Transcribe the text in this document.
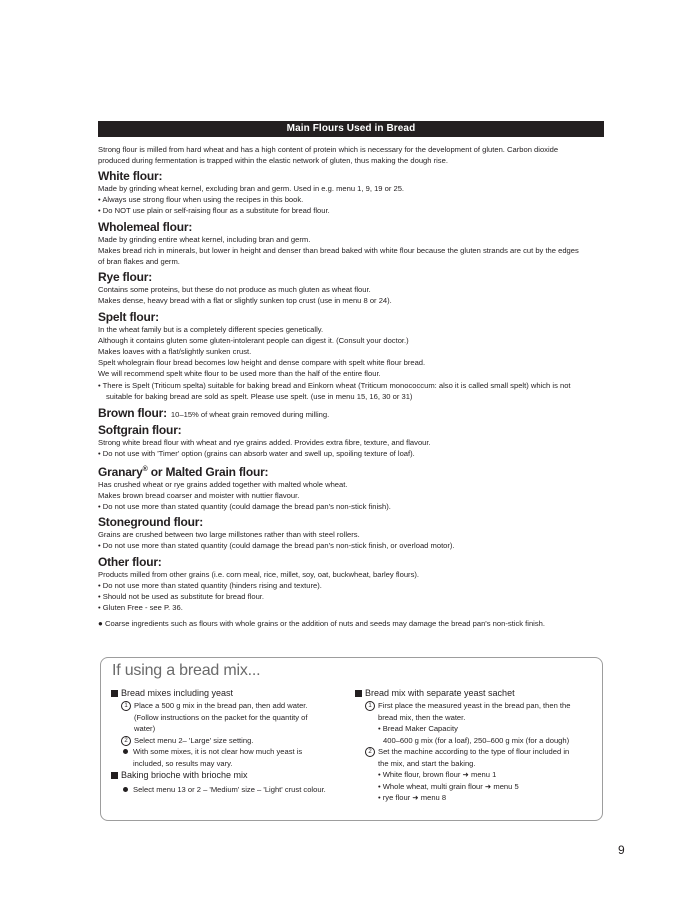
Main Flours Used in Bread
Strong flour is milled from hard wheat and has a high content of protein which is necessary for the development of gluten. Carbon dioxide
produced during fermentation is trapped within the elastic network of gluten, thus making the dough rise.
White flour:
Made by grinding wheat kernel, excluding bran and germ. Used in e.g. menu 1, 9, 19 or 25.
• Always use strong flour when using the recipes in this book.
• Do NOT use plain or self-raising flour as a substitute for bread flour.
Wholemeal flour:
Made by grinding entire wheat kernel, including bran and germ.
Makes bread rich in minerals, but lower in height and denser than bread baked with white flour because the gluten strands are cut by the edges
of bran flakes and germ.
Rye flour:
Contains some proteins, but these do not produce as much gluten as wheat flour.
Makes dense, heavy bread with a flat or slightly sunken top crust (use in menu 8 or 24).
Spelt flour:
In the wheat family but is a completely different species genetically.
Although it contains gluten some gluten-intolerant people can digest it. (Consult your doctor.)
Makes loaves with a flat/slightly sunken crust.
Spelt wholegrain flour bread becomes low height and dense compare with spelt white flour bread.
We will recommend spelt white flour to be used more than the half of the entire flour.
• There is Spelt (Triticum spelta) suitable for baking bread and Einkorn wheat (Triticum monococcum: also it is called small spelt) which is not
suitable for baking bread are sold as spelt. Please use spelt. (use in menu 15, 16, 30 or 31)
Brown flour: 10–15% of wheat grain removed during milling.
Softgrain flour:
Strong white bread flour with wheat and rye grains added. Provides extra fibre, texture, and flavour.
• Do not use with 'Timer' option (grains can absorb water and swell up, spoiling texture of loaf).
Granary® or Malted Grain flour:
Has crushed wheat or rye grains added together with malted whole wheat.
Makes brown bread coarser and moister with nuttier flavour.
• Do not use more than stated quantity (could damage the bread pan's non-stick finish).
Stoneground flour:
Grains are crushed between two large millstones rather than with steel rollers.
• Do not use more than stated quantity (could damage the bread pan's non-stick finish, or overload motor).
Other flour:
Products milled from other grains (i.e. corn meal, rice, millet, soy, oat, buckwheat, barley flours).
• Do not use more than stated quantity (hinders rising and texture).
• Should not be used as substitute for bread flour.
• Gluten Free - see P. 36.
● Coarse ingredients such as flours with whole grains or the addition of nuts and seeds may damage the bread pan's non-stick finish.
If using a bread mix...
Bread mixes including yeast
1 Place a 500 g mix in the bread pan, then add water.
(Follow instructions on the packet for the quantity of
water)
2 Select menu 2– 'Large' size setting.
With some mixes, it is not clear how much yeast is
included, so results may vary.
Baking brioche with brioche mix
Select menu 13 or 2 – 'Medium' size – 'Light' crust colour.
Bread mix with separate yeast sachet
1 First place the measured yeast in the bread pan, then the
bread mix, then the water.
• Bread Maker Capacity
400–600 g mix (for a loaf), 250–600 g mix (for a dough)
2 Set the machine according to the type of flour included in
the mix, and start the baking.
• White flour, brown flour ➜ menu 1
• Whole wheat, multi grain flour ➜ menu 5
• rye flour ➜ menu 8
9
